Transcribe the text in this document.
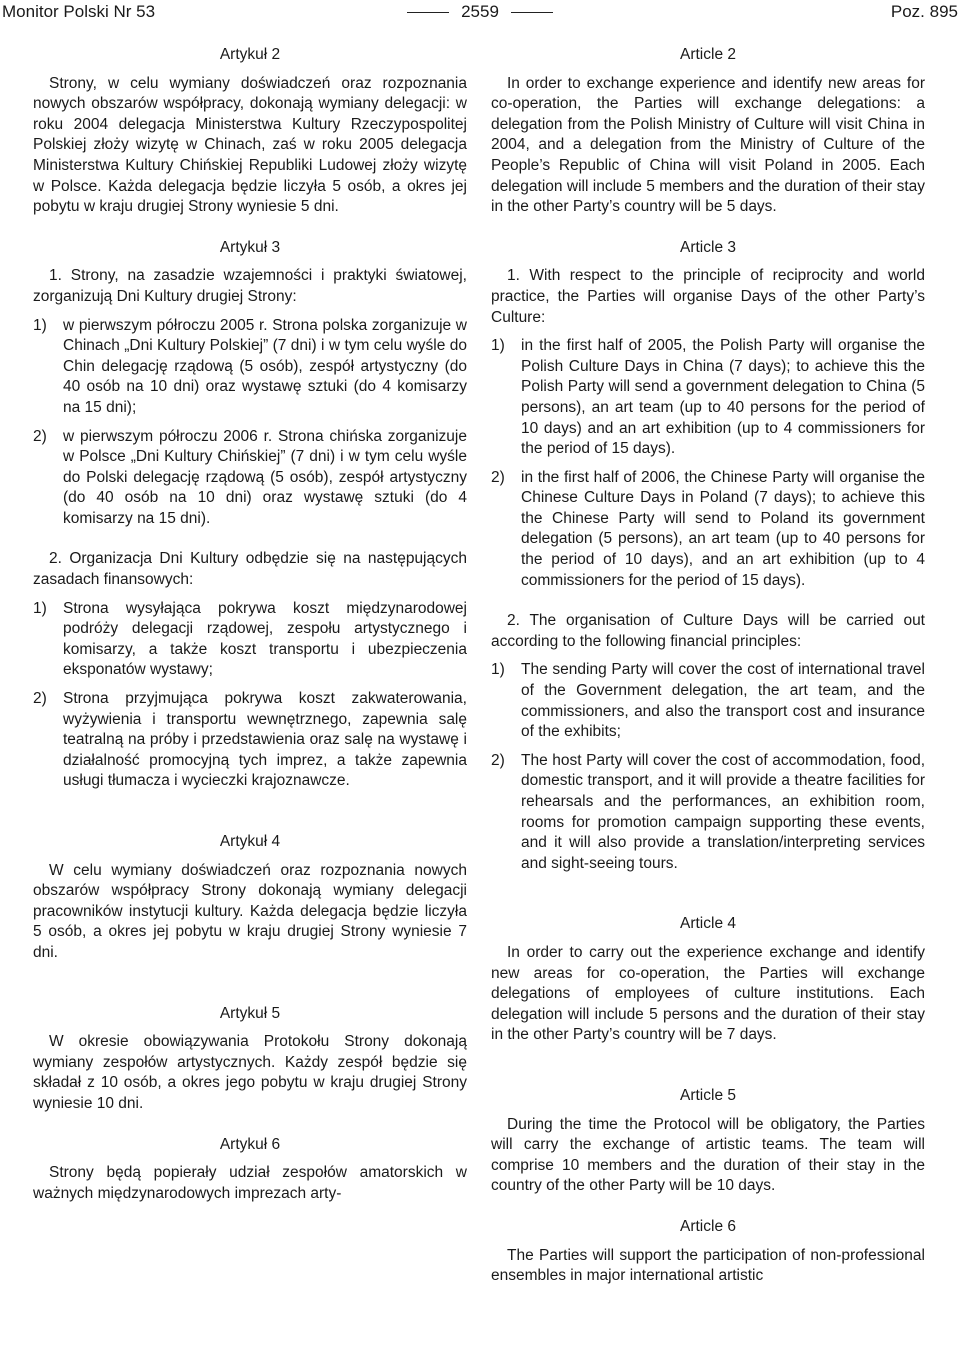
Monitor Polski Nr 53	2559	Poz. 895
Artykuł 2

Strony, w celu wymiany doświadczeń oraz rozpoznania nowych obszarów współpracy, dokonają wymiany delegacji: w roku 2004 delegacja Ministerstwa Kultury Rzeczypospolitej Polskiej złoży wizytę w Chinach, zaś w roku 2005 delegacja Ministerstwa Kultury Chińskiej Republiki Ludowej złoży wizytę w Polsce. Każda delegacja będzie liczyła 5 osób, a okres jej pobytu w kraju drugiej Strony wyniesie 5 dni.

Artykuł 3

1. Strony, na zasadzie wzajemności i praktyki światowej, zorganizują Dni Kultury drugiej Strony:

1)	w pierwszym półroczu 2005 r. Strona polska zorganizuje w Chinach „Dni Kultury Polskiej” (7 dni) i w tym celu wyśle do Chin delegację rządową (5 osób), zespół artystyczny (do 40 osób na 10 dni) oraz wystawę sztuki (do 4 komisarzy na 15 dni);
2)	w pierwszym półroczu 2006 r. Strona chińska zorganizuje w Polsce „Dni Kultury Chińskiej” (7 dni) i w tym celu wyśle do Polski delegację rządową (5 osób), zespół artystyczny (do 40 osób na 10 dni) oraz wystawę sztuki (do 4 komisarzy na 15 dni).

2. Organizacja Dni Kultury odbędzie się na następujących zasadach finansowych:

1)	Strona wysyłająca pokrywa koszt międzynarodowej podróży delegacji rządowej, zespołu artystycznego i komisarzy, a także koszt transportu i ubezpieczenia eksponatów wystawy;
2)	Strona przyjmująca pokrywa koszt zakwaterowania, wyżywienia i transportu wewnętrznego, zapewnia salę teatralną na próby i przedstawienia oraz salę na wystawę i działalność promocyjną tych imprez, a także zapewnia usługi tłumacza i wycieczki krajoznawcze.
Artykuł 4

W celu wymiany doświadczeń oraz rozpoznania nowych obszarów współpracy Strony dokonają wymiany delegacji pracowników instytucji kultury. Każda delegacja będzie liczyła 5 osób, a okres jej pobytu w kraju drugiej Strony wyniesie 7 dni.

Artykuł 5

W okresie obowiązywania Protokołu Strony dokonają wymiany zespołów artystycznych. Każdy zespół będzie się składał z 10 osób, a okres jego pobytu w kraju drugiej Strony wyniesie 10 dni.

Artykuł 6

Strony będą popierały udział zespołów amatorskich w ważnych międzynarodowych imprezach arty-

Article 2

In order to exchange experience and identify new areas for co-operation, the Parties will exchange delegations: a delegation from the Polish Ministry of Culture will visit China in 2004, and a delegation from the Ministry of Culture of the People’s Republic of China will visit Poland in 2005. Each delegation will include 5 members and the duration of their stay in the other Party’s country will be 5 days.

Article 3

1. With respect to the principle of reciprocity and world practice, the Parties will organise Days of the other Party’s Culture:

1)	in the first half of 2005, the Polish Party will organise the Polish Culture Days in China (7 days); to achieve this the Polish Party will send a government delegation to China (5 persons), an art team (up to 40 persons for the period of 10 days) and an art exhibition (up to 4 commissioners for the period of 15 days).
2)	in the first half of 2006, the Chinese Party will organise the Chinese Culture Days in Poland (7 days); to achieve this the Chinese Party will send to Poland its government delegation (5 persons), an art team (up to 40 persons for the period of 10 days), and an art exhibition (up to 4 commissioners for the period of 15 days).

2. The organisation of Culture Days will be carried out according to the following financial principles:

1)	The sending Party will cover the cost of international travel of the Government delegation, the art team, and the commissioners, and also the transport cost and insurance of the exhibits;
2)	The host Party will cover the cost of accommodation, food, domestic transport, and it will provide a theatre facilities for rehearsals and the performances, an exhibition room, rooms for promotion campaign supporting these events, and it will also provide a translation/interpreting services and sight-seeing tours.
Article 4

In order to carry out the experience exchange and identify new areas for co-operation, the Parties will exchange delegations of employees of culture institutions. Each delegation will include 5 persons and the duration of their stay in the other Party’s country will be 7 days.

Article 5

During the time the Protocol will be obligatory, the Parties will carry the exchange of artistic teams. The team will comprise 10 members and the duration of their stay in the country of the other Party will be 10 days.

Article 6

The Parties will support the participation of non-professional ensembles in major international artistic
